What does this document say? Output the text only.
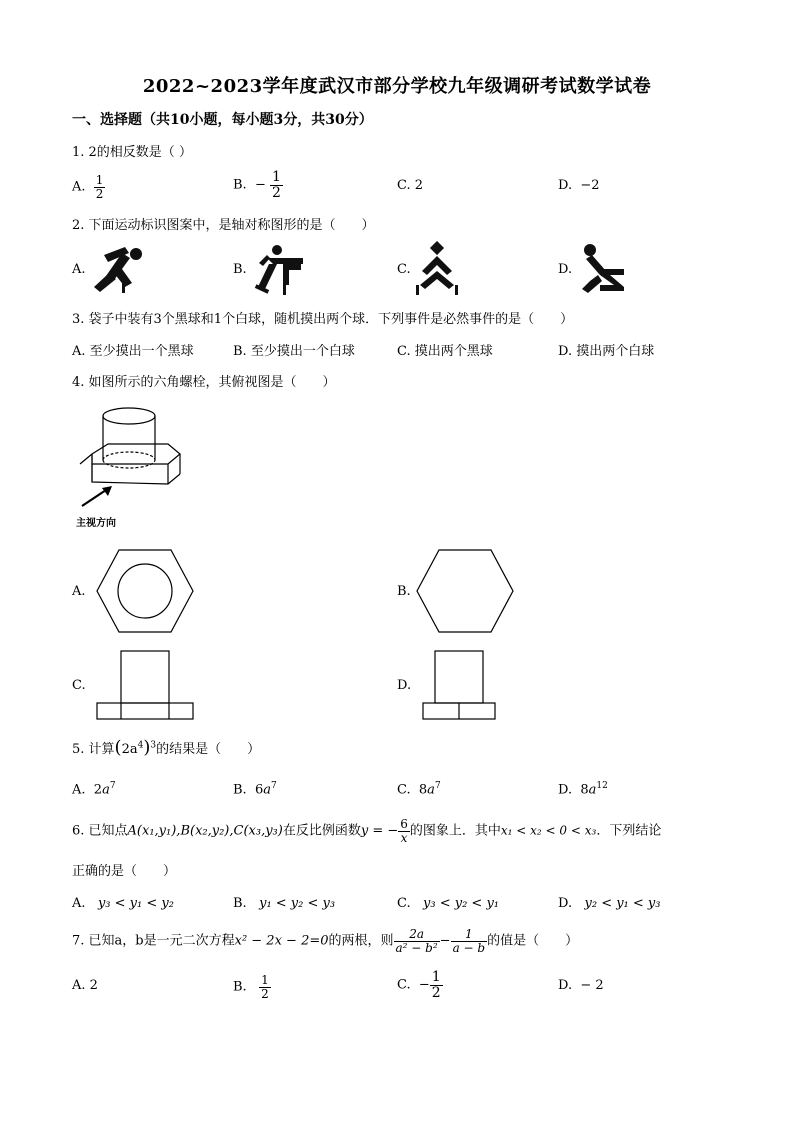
2022~2023学年度武汉市部分学校九年级调研考试数学试卷
一、选择题（共10小题，每小题3分，共30分）
1. 2的相反数是（ ）
A. $\frac{1}{2}$	B. − $\frac{1}{2}$	C. 2	D. −2
2. 下面运动标识图案中，是轴对称图形的是（　　）
A.	B.	C.	D.
3. 袋子中装有3个黑球和1个白球，随机摸出两个球．下列事件是必然事件的是（　　）
A. 至少摸出一个黑球	B. 至少摸出一个白球	C. 摸出两个黑球	D. 摸出两个白球
4. 如图所示的六角螺栓，其俯视图是（　　）
主视方向
A.	B.
C.	D.
5. 计算$(2a^4)^3$的结果是（　　）
A. $2a^7$	B. $6a^7$	C. $8a^7$	D. $8a^{12}$
6. 已知点A(x₁,y₁),B(x₂,y₂),C(x₃,y₃)在反比例函数y = − $\frac{6}{x}$ 的图象上．其中x₁ < x₂ < 0 < x₃．下列结论
正确的是（　　）
A. y₃ < y₁ < y₂	B. y₁ < y₂ < y₃	C. y₃ < y₂ < y₁	D. y₂ < y₁ < y₃
7. 已知a，b是一元二次方程x² − 2x − 2=0的两根，则 $\frac{2a}{\text{a² − b²}} - \frac{1}{a - b}$ 的值是（　　）
A. 2	B. $\frac{1}{2}$	C. − $\frac{1}{2}$	D. − 2
